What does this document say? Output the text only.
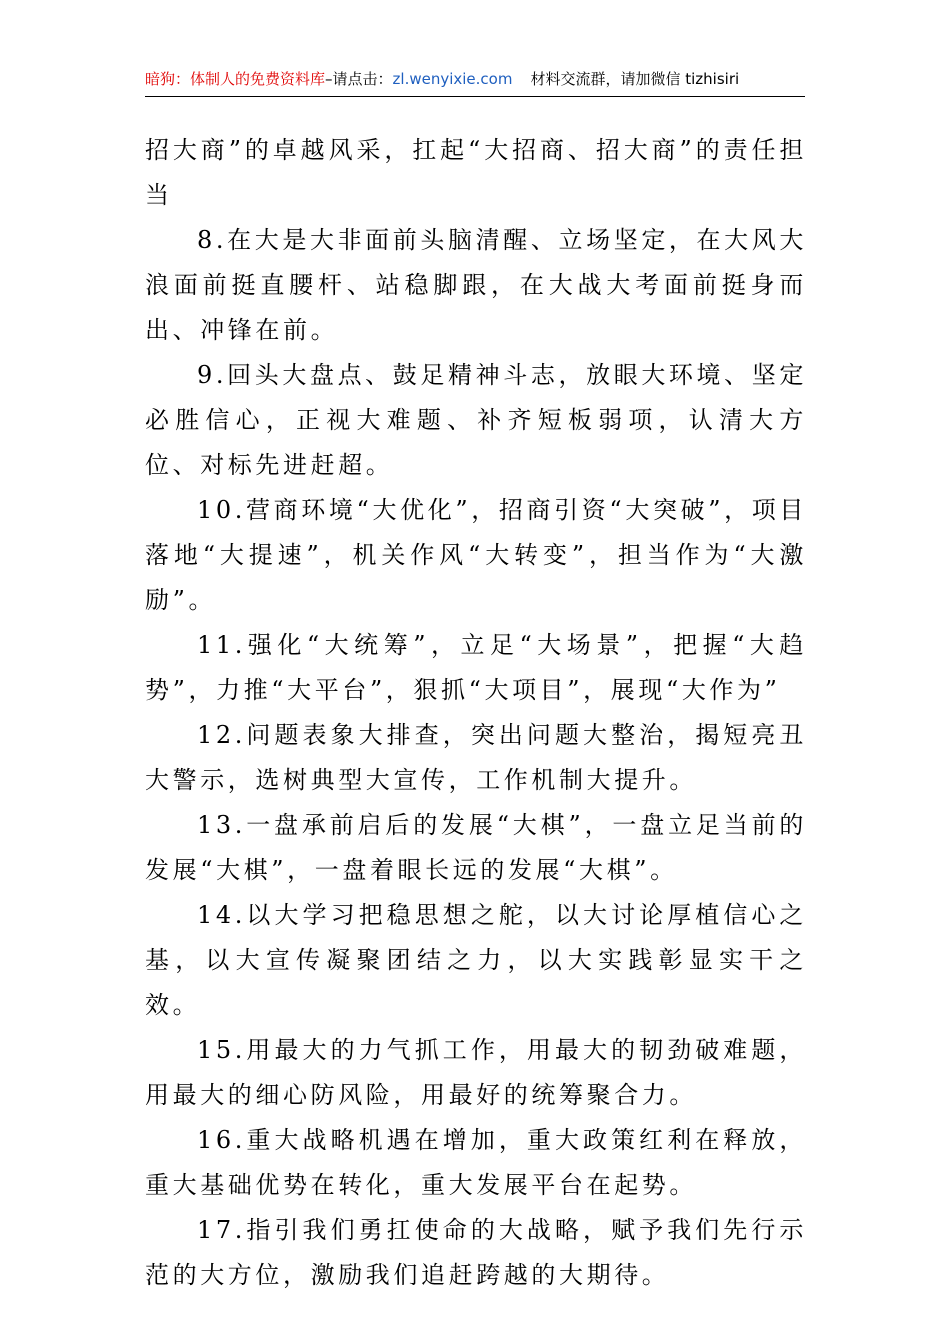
暗狗：体制人的免费资料库–请点击：zl.wenyixie.com 材料交流群，请加微信 tizhisiri

招大商”的卓越风采，扛起“大招商、招大商”的责任担当

8.在大是大非面前头脑清醒、立场坚定，在大风大浪面前挺直腰杆、站稳脚跟，在大战大考面前挺身而出、冲锋在前。

9.回头大盘点、鼓足精神斗志，放眼大环境、坚定必胜信心，正视大难题、补齐短板弱项，认清大方位、对标先进赶超。

10.营商环境“大优化”，招商引资“大突破”，项目落地“大提速”，机关作风“大转变”，担当作为“大激励”。

11.强化“大统筹”，立足“大场景”，把握“大趋势”，力推“大平台”，狠抓“大项目”，展现“大作为”

12.问题表象大排查，突出问题大整治，揭短亮丑大警示，选树典型大宣传，工作机制大提升。

13.一盘承前启后的发展“大棋”，一盘立足当前的发展“大棋”，一盘着眼长远的发展“大棋”。

14.以大学习把稳思想之舵，以大讨论厚植信心之基，以大宣传凝聚团结之力，以大实践彰显实干之效。

15.用最大的力气抓工作，用最大的韧劲破难题，用最大的细心防风险，用最好的统筹聚合力。

16.重大战略机遇在增加，重大政策红利在释放，重大基础优势在转化，重大发展平台在起势。

17.指引我们勇扛使命的大战略，赋予我们先行示范的大方位，激励我们追赶跨越的大期待。
